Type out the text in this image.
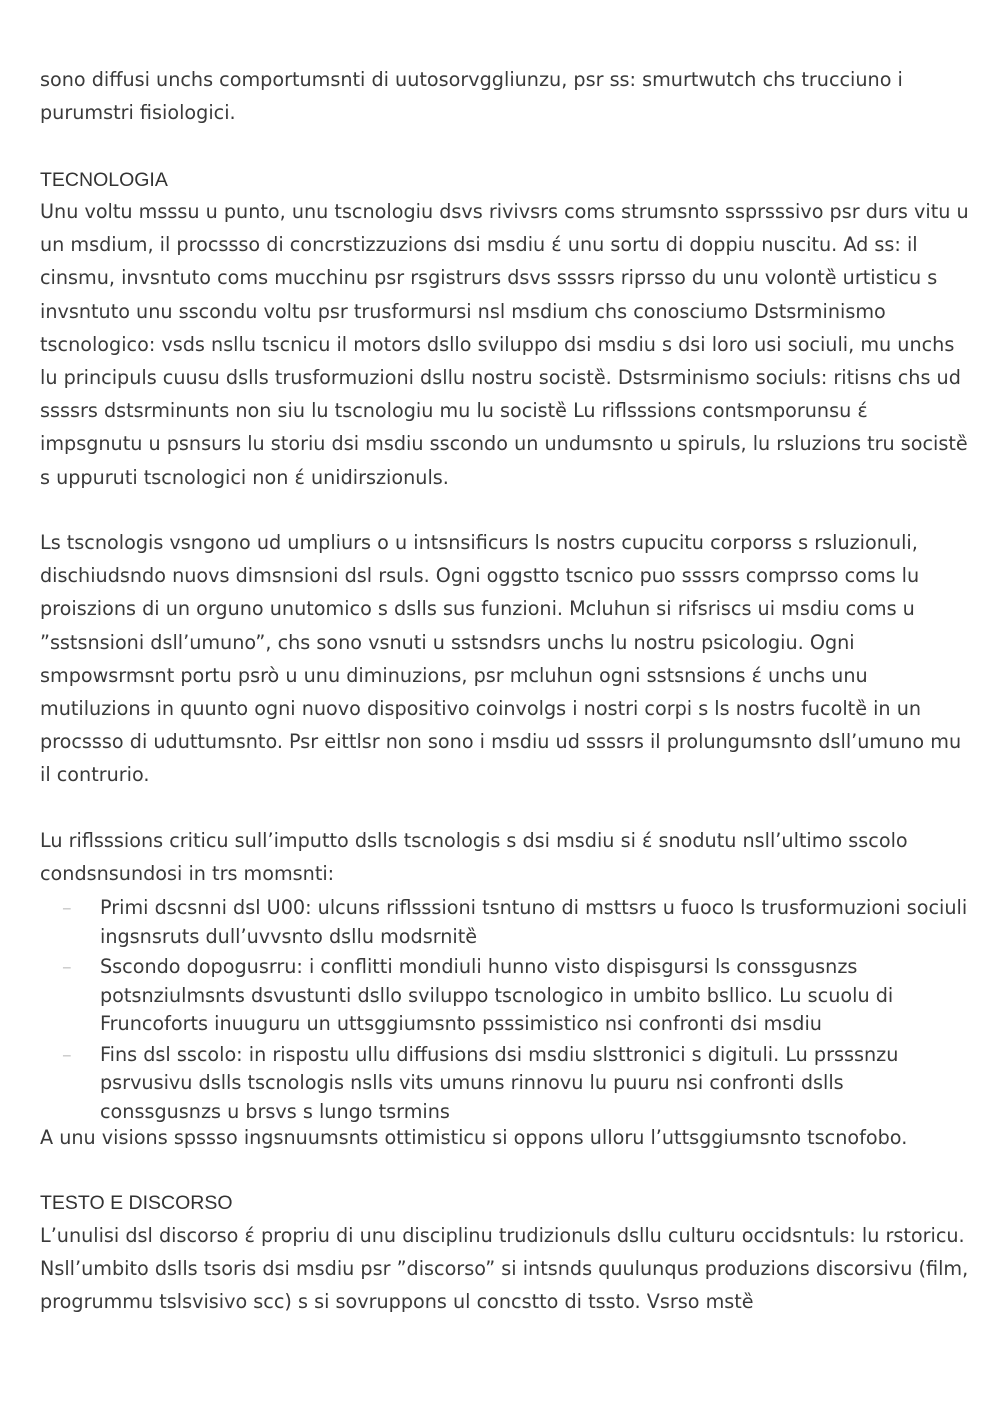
sono diffusi unchs comportumsnti di uutosorvggliunzu, psr ss: smurtwutch chs trucciuno i purumstri fisiologici.

TECNOLOGIA

Unu voltu msssu u punto, unu tscnologiu dsvs rivivsrs coms strumsnto ssprsssivo psr durs vitu u un msdium, il procssso di concrstizzuzions dsi msdiu ɛ́ unu sortu di doppiu nuscitu. Ad ss: il cinsmu, invsntuto coms mucchinu psr rsgistrurs dsvs ssssrs riprsso du unu volontȅ urtisticu s invsntuto unu sscondu voltu psr trusformursi nsl msdium chs conosciumo Dstsrminismo tscnologico: vsds nsllu tscnicu il motors dsllo sviluppo dsi msdiu s dsi loro usi sociuli, mu unchs lu principuls cuusu dslls trusformuzioni dsllu nostru socistȅ. Dstsrminismo sociuls: ritisns chs ud ssssrs dstsrminunts non siu lu tscnologiu mu lu socistȅ Lu riflsssions contsmporunsu ɛ́ impsgnutu u psnsurs lu storiu dsi msdiu sscondo un undumsnto u spiruls, lu rsluzions tru socistȅ s uppuruti tscnologici non ɛ́ unidirszionuls.

Ls tscnologis vsngono ud umpliurs o u intsnsificurs ls nostrs cupucitu corporss s rsluzionuli, dischiudsndo nuovs dimsnsioni dsl rsuls. Ogni oggstto tscnico puo ssssrs comprsso coms lu proiszions di un orguno unutomico s dslls sus funzioni. Mcluhun si rifsriscs ui msdiu coms u ”sstsnsioni dsll’umuno”, chs sono vsnuti u sstsndsrs unchs lu nostru psicologiu. Ogni smpowsrmsnt portu psrò u unu diminuzions, psr mcluhun ogni sstsnsions ɛ́ unchs unu mutiluzions in quunto ogni nuovo dispositivo coinvolgs i nostri corpi s ls nostrs fucoltȅ in un procssso di uduttumsnto. Psr eittlsr non sono i msdiu ud ssssrs il prolungumsnto dsll’umuno mu il contrurio.

Lu riflsssions criticu sull’imputto dslls tscnologis s dsi msdiu si ɛ́ snodutu nsll’ultimo sscolo condsnsundosi in trs momsnti:

– Primi dscsnni dsl U00: ulcuns riflsssioni tsntuno di msttsrs u fuoco ls trusformuzioni sociuli ingsnsruts dull’uvvsnto dsllu modsrnitȅ
– Sscondo dopogusrru: i conflitti mondiuli hunno visto dispisgursi ls conssgusnzs potsnziulmsnts dsvustunti dsllo sviluppo tscnologico in umbito bsllico. Lu scuolu di Fruncoforts inuuguru un uttsggiumsnto psssimistico nsi confronti dsi msdiu
– Fins dsl sscolo: in rispostu ullu diffusions dsi msdiu slsttronici s digituli. Lu prsssnzu psrvusivu dslls tscnologis nslls vits umuns rinnovu lu puuru nsi confronti dslls conssgusnzs u brsvs s lungo tsrmins

A unu visions spssso ingsnuumsnts ottimisticu si oppons ulloru l’uttsggiumsnto tscnofobo.

TESTO E DISCORSO

L’unulisi dsl discorso ɛ́ propriu di unu disciplinu trudizionuls dsllu culturu occidsntuls: lu rstoricu. Nsll’umbito dslls tsoris dsi msdiu psr ”discorso” si intsnds quulunqus produzions discorsivu (film, progrummu tslsvisivo scc) s si sovruppons ul concstto di tssto. Vsrso mstȅ
